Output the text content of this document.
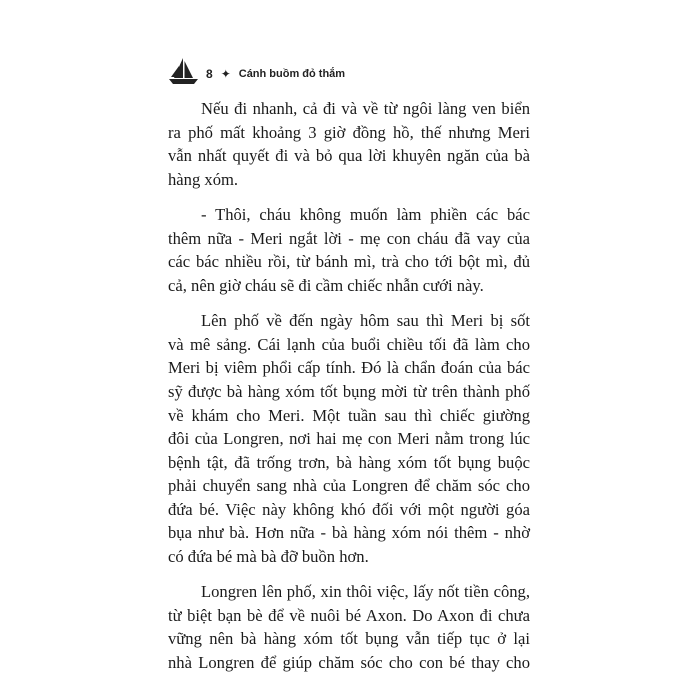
8 ✦ Cánh buồm đỏ thắm
Nếu đi nhanh, cả đi và về từ ngôi làng ven biển
ra phố mất khoảng 3 giờ đồng hồ, thế nhưng Meri
vẫn nhất quyết đi và bỏ qua lời khuyên ngăn của bà
hàng xóm.
- Thôi, cháu không muốn làm phiền các bác
thêm nữa - Meri ngắt lời - mẹ con cháu đã vay của
các bác nhiều rồi, từ bánh mì, trà cho tới bột mì, đủ
cả, nên giờ cháu sẽ đi cầm chiếc nhẫn cưới này.
Lên phố về đến ngày hôm sau thì Meri bị sốt
và mê sảng. Cái lạnh của buổi chiều tối đã làm cho
Meri bị viêm phổi cấp tính. Đó là chẩn đoán của bác
sỹ được bà hàng xóm tốt bụng mời từ trên thành phố
về khám cho Meri. Một tuần sau thì chiếc giường
đôi của Longren, nơi hai mẹ con Meri nằm trong lúc
bệnh tật, đã trống trơn, bà hàng xóm tốt bụng buộc
phải chuyển sang nhà của Longren để chăm sóc cho
đứa bé. Việc này không khó đối với một người góa
bụa như bà. Hơn nữa - bà hàng xóm nói thêm - nhờ
có đứa bé mà bà đỡ buồn hơn.
Longren lên phố, xin thôi việc, lấy nốt tiền công,
từ biệt bạn bè để về nuôi bé Axon. Do Axon đi chưa
vững nên bà hàng xóm tốt bụng vẫn tiếp tục ở lại
nhà Longren để giúp chăm sóc cho con bé thay cho
